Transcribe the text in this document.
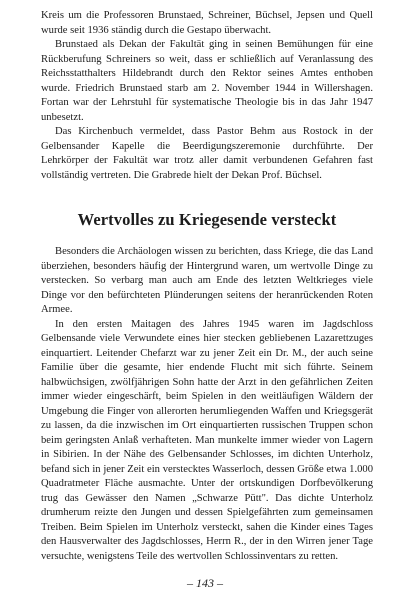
Kreis um die Professoren Brunstaed, Schreiner, Büchsel, Jepsen und Quell wurde seit 1936 ständig durch die Gestapo überwacht.

Brunstaed als Dekan der Fakultät ging in seinen Bemühungen für eine Rückberufung Schreiners so weit, dass er schließlich auf Veranlassung des Reichsstatthalters Hildebrandt durch den Rektor seines Amtes enthoben wurde. Friedrich Brunstaed starb am 2. November 1944 in Willershagen. Fortan war der Lehrstuhl für systematische Theologie bis in das Jahr 1947 unbesetzt.

Das Kirchenbuch vermeldet, dass Pastor Behm aus Rostock in der Gelbensander Kapelle die Beerdigungszeremonie durchführte. Der Lehrkörper der Fakultät war trotz aller damit verbundenen Gefahren fast vollständig vertreten. Die Grabrede hielt der Dekan Prof. Büchsel.

Wertvolles zu Kriegesende versteckt

Besonders die Archäologen wissen zu berichten, dass Kriege, die das Land überziehen, besonders häufig der Hintergrund waren, um wertvolle Dinge zu verstecken. So verbarg man auch am Ende des letzten Weltkrieges viele Dinge vor den befürchteten Plünderungen seitens der heranrückenden Roten Armee.

In den ersten Maitagen des Jahres 1945 waren im Jagdschloss Gelbensande viele Verwundete eines hier stecken gebliebenen Lazarettzuges einquartiert. Leitender Chefarzt war zu jener Zeit ein Dr. M., der auch seine Familie über die gesamte, hier endende Flucht mit sich führte. Seinem halbwüchsigen, zwölfjährigen Sohn hatte der Arzt in den gefährlichen Zeiten immer wieder eingeschärft, beim Spielen in den weitläufigen Wäldern der Umgebung die Finger von allerorten herumliegenden Waffen und Kriegsgerät zu lassen, da die inzwischen im Ort einquartierten russischen Truppen schon beim geringsten Anlaß verhafteten. Man munkelte immer wieder von Lagern in Sibirien. In der Nähe des Gelbensander Schlosses, im dichten Unterholz, befand sich in jener Zeit ein verstecktes Wasserloch, dessen Größe etwa 1.000 Quadratmeter Fläche ausmachte. Unter der ortskundigen Dorfbevölkerung trug das Gewässer den Namen „Schwarze Pütt". Das dichte Unterholz drumherum reizte den Jungen und dessen Spielgefährten zum gemeinsamen Treiben. Beim Spielen im Unterholz versteckt, sahen die Kinder eines Tages den Hausverwalter des Jagdschlosses, Herrn R., der in den Wirren jener Tage versuchte, wenigstens Teile des wertvollen Schlossinventars zu retten.

– 143 –
